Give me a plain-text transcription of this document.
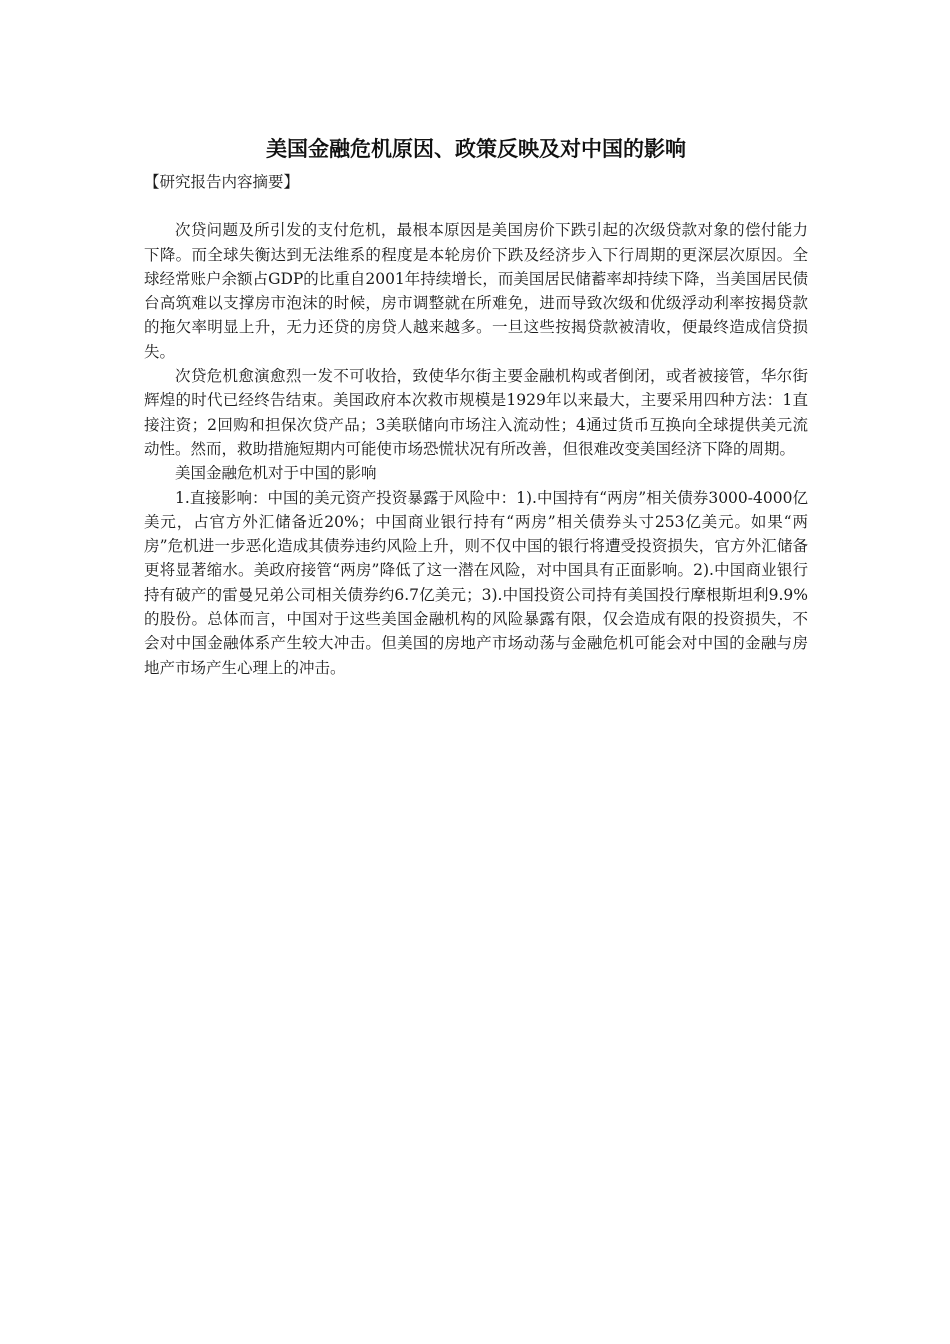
美国金融危机原因、政策反映及对中国的影响
【研究报告内容摘要】

次贷问题及所引发的支付危机，最根本原因是美国房价下跌引起的次级贷款对象的偿付能力下降。而全球失衡达到无法维系的程度是本轮房价下跌及经济步入下行周期的更深层次原因。全球经常账户余额占GDP的比重自2001年持续增长，而美国居民储蓄率却持续下降，当美国居民债台高筑难以支撑房市泡沫的时候，房市调整就在所难免，进而导致次级和优级浮动利率按揭贷款的拖欠率明显上升，无力还贷的房贷人越来越多。一旦这些按揭贷款被清收，便最终造成信贷损失。

次贷危机愈演愈烈一发不可收拾，致使华尔街主要金融机构或者倒闭，或者被接管，华尔街辉煌的时代已经终告结束。美国政府本次救市规模是1929年以来最大，主要采用四种方法：1直接注资；2回购和担保次贷产品；3美联储向市场注入流动性；4通过货币互换向全球提供美元流动性。然而，救助措施短期内可能使市场恐慌状况有所改善，但很难改变美国经济下降的周期。

美国金融危机对于中国的影响

1.直接影响：中国的美元资产投资暴露于风险中：1).中国持有“两房”相关债券3000-4000亿美元，占官方外汇储备近20%；中国商业银行持有“两房”相关债券头寸253亿美元。如果“两房”危机进一步恶化造成其债券违约风险上升，则不仅中国的银行将遭受投资损失，官方外汇储备更将显著缩水。美政府接管“两房”降低了这一潜在风险，对中国具有正面影响。2).中国商业银行持有破产的雷曼兄弟公司相关债券约6.7亿美元；3).中国投资公司持有美国投行摩根斯坦利9.9%的股份。总体而言，中国对于这些美国金融机构的风险暴露有限，仅会造成有限的投资损失，不会对中国金融体系产生较大冲击。但美国的房地产市场动荡与金融危机可能会对中国的金融与房地产市场产生心理上的冲击。
